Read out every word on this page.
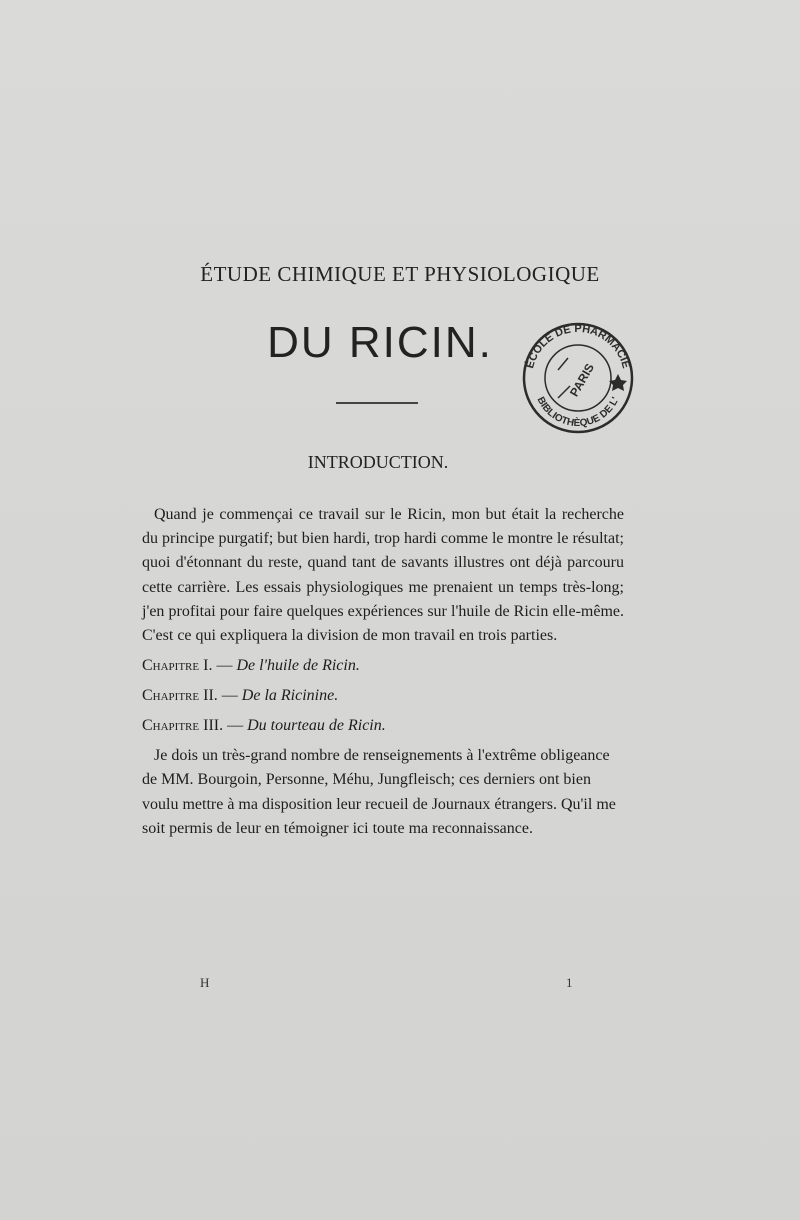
ÉTUDE CHIMIQUE ET PHYSIOLOGIQUE
DU RICIN.	ÉCOLE DE PHARMACIE
BIBLIOTHÈQUE DE L'
PARIS
INTRODUCTION.

Quand je commençai ce travail sur le Ricin, mon but était la recherche du principe purgatif; but bien hardi, trop hardi comme le montre le résultat; quoi d'étonnant du reste, quand tant de savants illustres ont déjà parcouru cette carrière. Les essais physiologiques me prenaient un temps très-long; j'en profitai pour faire quelques expériences sur l'huile de Ricin elle-même. C'est ce qui expliquera la division de mon travail en trois parties.

Chapitre I. — De l'huile de Ricin.
Chapitre II. — De la Ricinine.
Chapitre III. — Du tourteau de Ricin.

Je dois un très-grand nombre de renseignements à l'extrême obligeance de MM. Bourgoin, Personne, Méhu, Jungfleisch; ces derniers ont bien voulu mettre à ma disposition leur recueil de Journaux étrangers. Qu'il me soit permis de leur en témoigner ici toute ma reconnaissance.

H	1
